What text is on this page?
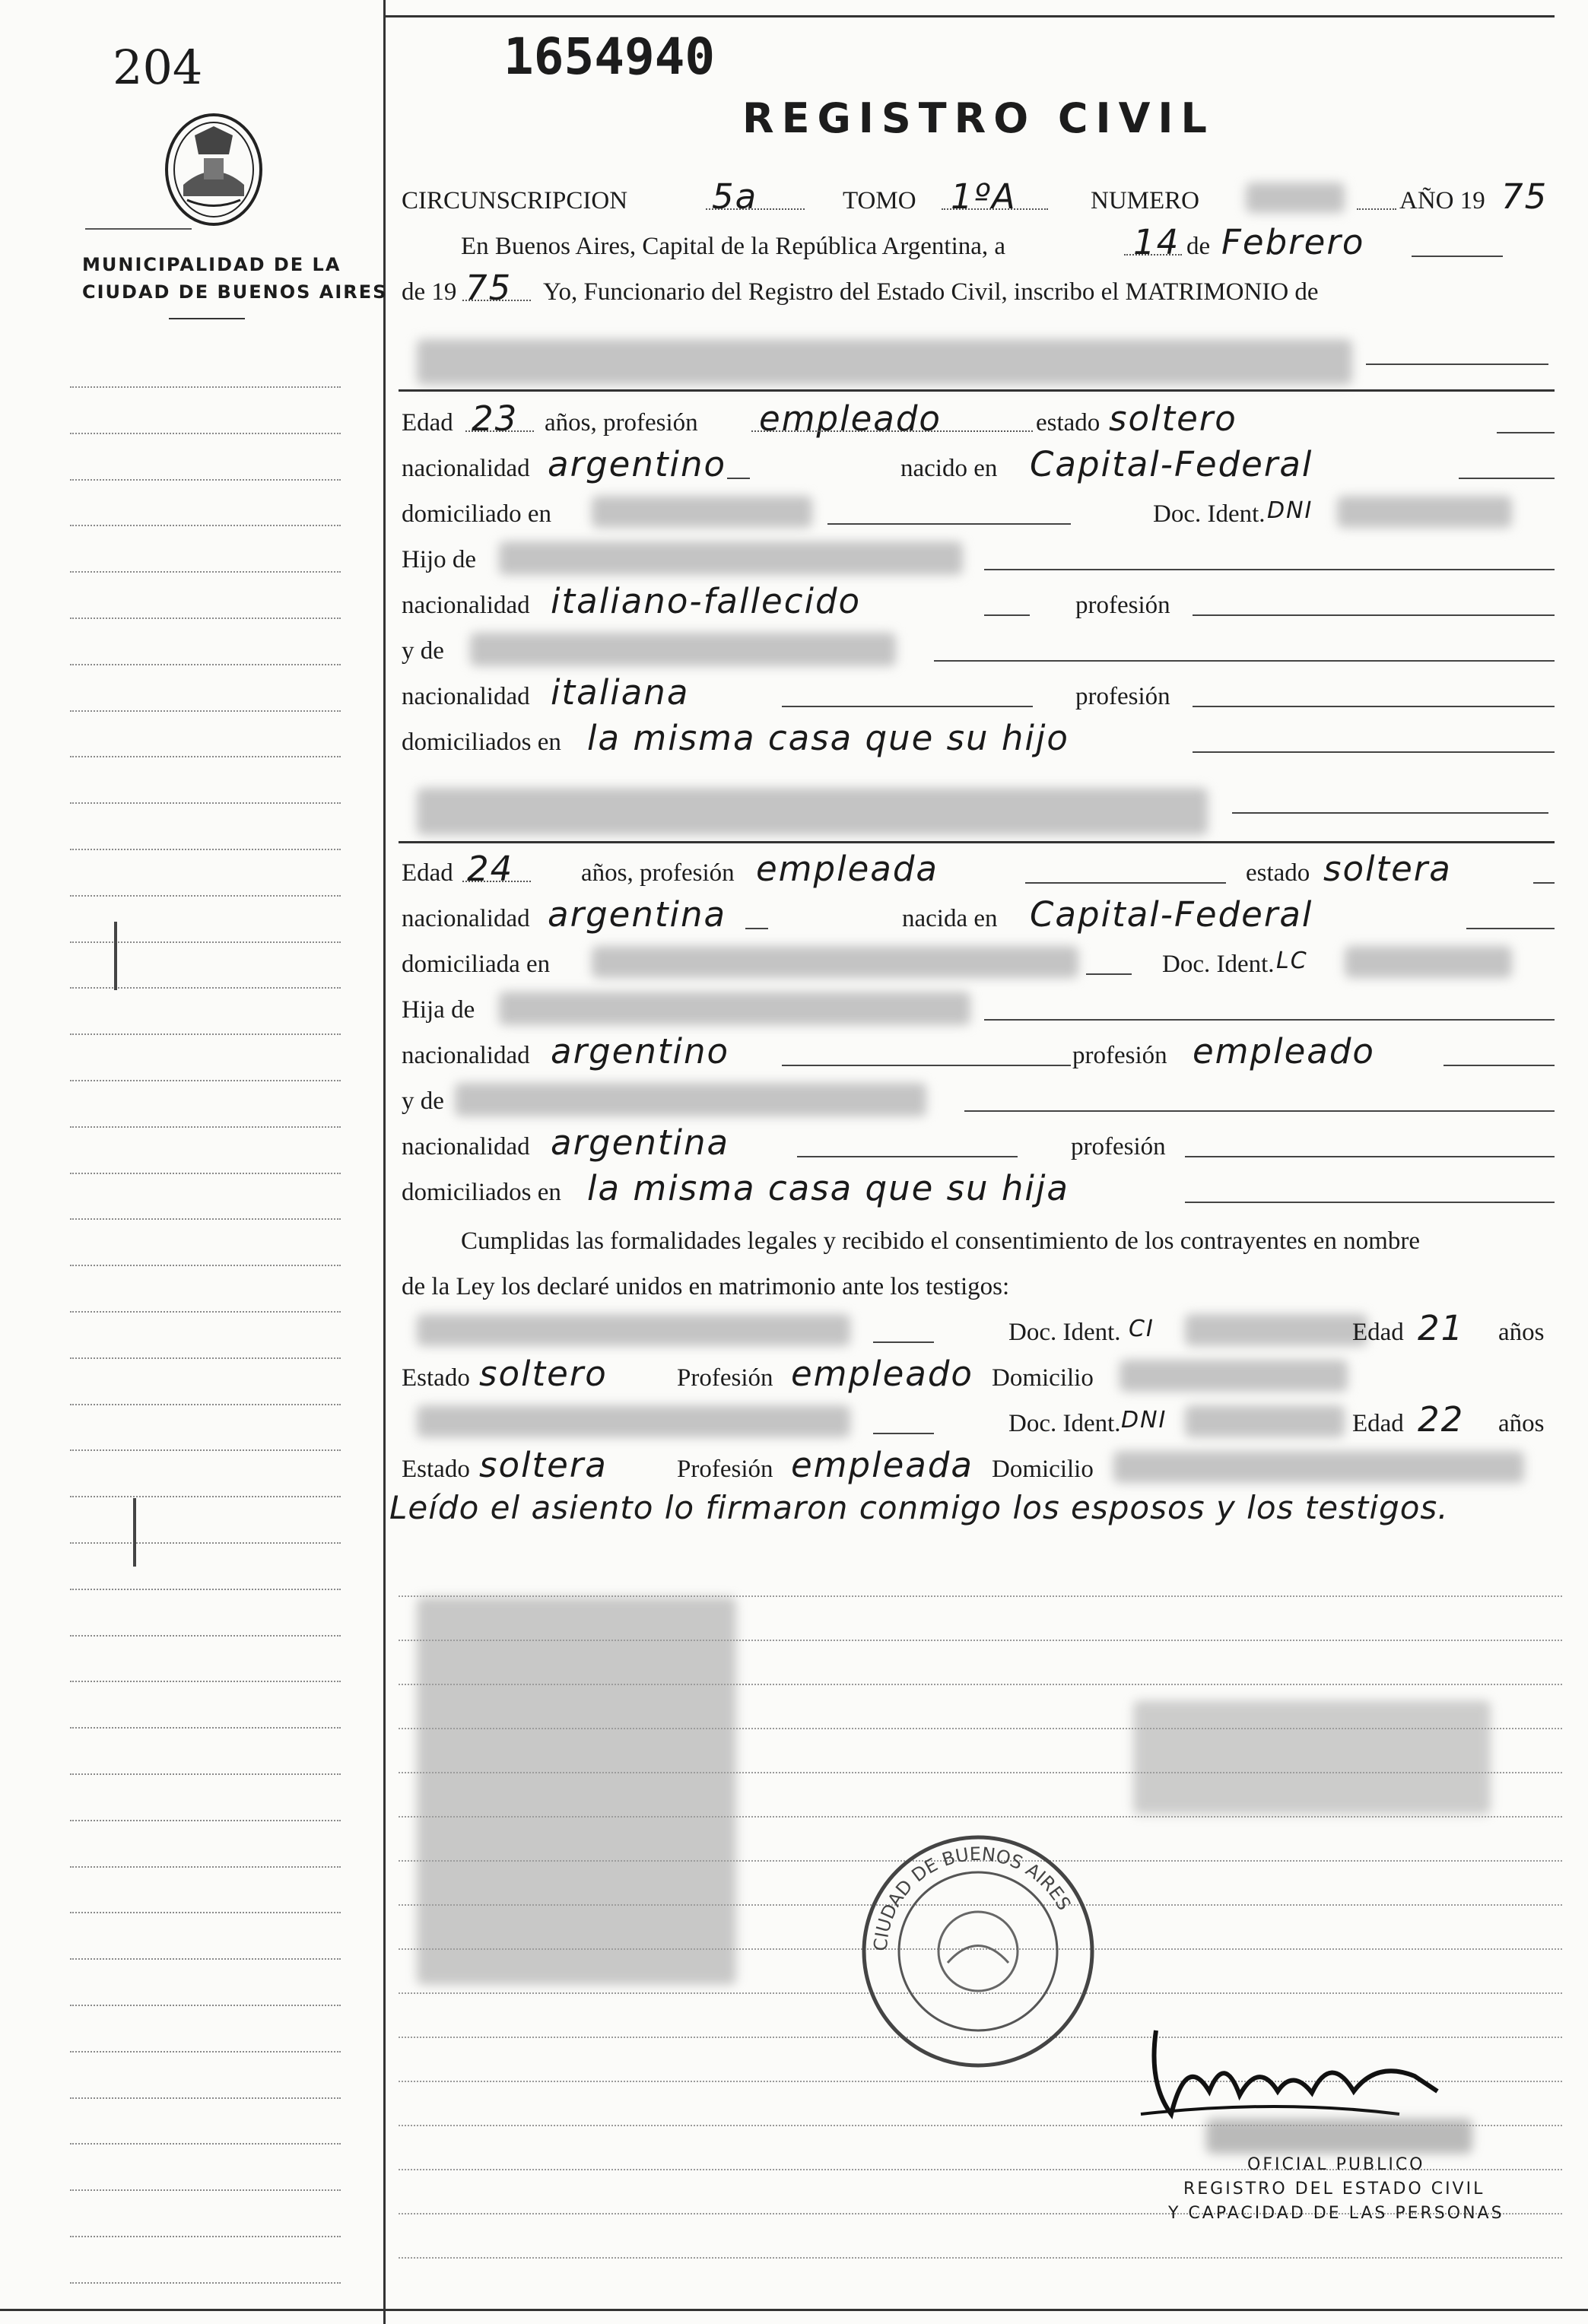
204
MUNICIPALIDAD DE LA
CIUDAD DE BUENOS AIRES
1654940
REGISTRO CIVIL
CIRCUNSCRIPCION 5a	TOMO 1ºA	NUMERO	AÑO 19 75
En Buenos Aires, Capital de la República Argentina, a	14 de Febrero
de 19 75 Yo, Funcionario del Registro del Estado Civil, inscribo el MATRIMONIO de
Edad 23 años, profesión empleado	estado soltero
nacionalidad argentino	nacido en Capital-Federal
domiciliado en	Doc. Ident. DNI
Hijo de
nacionalidad italiano-fallecido	profesión
y de
nacionalidad italiana	profesión
domiciliados en la misma casa que su hijo
Edad 24	años, profesión empleada	estado soltera
nacionalidad argentina	nacida en Capital-Federal
domiciliada en	Doc. Ident. LC
Hija de
nacionalidad argentino	profesión empleado
y de
nacionalidad argentina	profesión
domiciliados en la misma casa que su hija
Cumplidas las formalidades legales y recibido el consentimiento de los contrayentes en nombre
de la Ley los declaré unidos en matrimonio ante los testigos:
Doc. Ident. CI	Edad 21 años
Estado soltero	Profesión empleado Domicilio
Doc. Ident. DNI	Edad 22 años
Estado soltera	Profesión empleada Domicilio
Leído el asiento lo firmaron conmigo los esposos y los testigos.
CIUDAD DE BUENOS AIRES
OFICIAL PUBLICO
REGISTRO DEL ESTADO CIVIL
Y CAPACIDAD DE LAS PERSONAS
